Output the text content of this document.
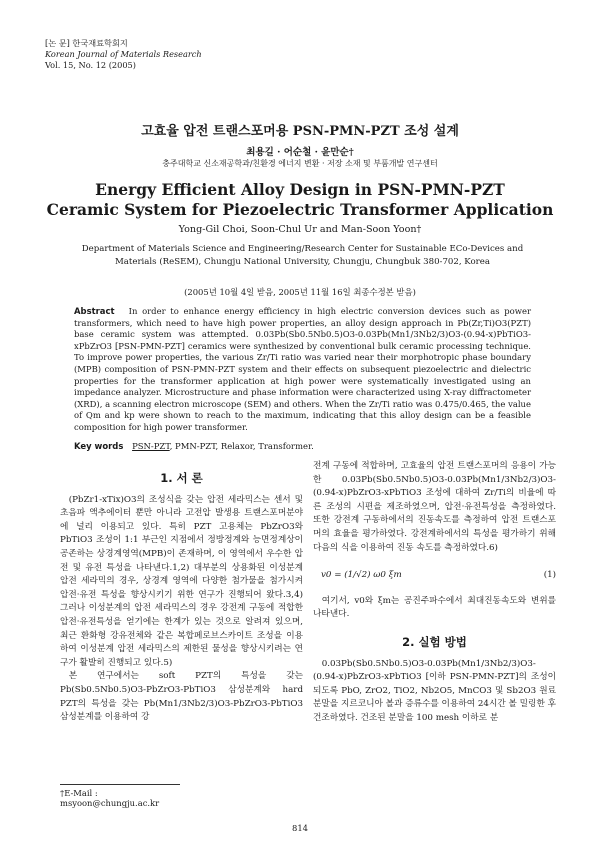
[논 문] 한국재료학회지
Korean Journal of Materials Research
Vol. 15, No. 12 (2005)
고효율 압전 트랜스포머용 PSN-PMN-PZT 조성 설계
최용길 · 어순철 · 윤만순†
충주대학교 신소재공학과/친환경 에너지 변환 · 저장 소재 및 부품개발 연구센터
Energy Efficient Alloy Design in PSN-PMN-PZT
Ceramic System for Piezoelectric Transformer Application
Yong-Gil Choi, Soon-Chul Ur and Man-Soon Yoon†
Department of Materials Science and Engineering/Research Center for Sustainable ECo-Devices and Materials (ReSEM), Chungju National University, Chungju, Chungbuk 380-702, Korea
(2005년 10월 4일 받음, 2005년 11월 16일 최종수정본 받음)
Abstract In order to enhance energy efficiency in high electric conversion devices such as power transformers, which need to have high power properties, an alloy design approach in Pb(Zr,Ti)O3(PZT) base ceramic system was attempted. 0.03Pb(Sb0.5Nb0.5)O3-0.03Pb(Mn1/3Nb2/3)O3-(0.94-x)PbTiO3-xPbZrO3 [PSN-PMN-PZT] ceramics were synthesized by conventional bulk ceramic processing technique. To improve power properties, the various Zr/Ti ratio was varied near their morphotropic phase boundary (MPB) composition of PSN-PMN-PZT system and their effects on subsequent piezoelectric and dielectric properties for the transformer application at high power were systematically investigated using an impedance analyzer. Microstructure and phase information were characterized using X-ray diffractometer (XRD), a scanning electron microscope (SEM) and others. When the Zr/Ti ratio was 0.475/0.465, the value of Qm and kp were shown to reach to the maximum, indicating that this alloy design can be a feasible composition for high power transformer.
Key words PSN-PZT, PMN-PZT, Relaxor, Transformer.
1. 서 론

(PbZr1-xTix)O3의 조성식을 갖는 압전 세라믹스는 센서 및 초음파 액추에이터 뿐만 아니라 고전압 발생용 트랜스포머분야에 널리 이용되고 있다. 특히 PZT 고용체는 PbZrO3와 PbTiO3 조성이 1:1 부근인 지점에서 정방정계와 능면정계상이 공존하는 상경계영역(MPB)이 존재하며, 이 영역에서 우수한 압전 및 유전 특성을 나타낸다.1,2) 대부분의 상용화된 이성분계 압전 세라믹의 경우, 상경계 영역에 다양한 첨가물을 첨가시켜 압전·유전 특성을 향상시키기 위한 연구가 진행되어 왔다.3,4) 그러나 이성분계의 압전 세라믹스의 경우 강전계 구동에 적합한 압전·유전특성을 얻기에는 한계가 있는 것으로 알려져 있으며, 최근 환화형 강유전체와 같은 복합페로브스카이트 조성을 이용하여 이성분계 압전 세라믹스의 제한된 물성을 향상시키려는 연구가 활발히 진행되고 있다.5)

본 연구에서는 soft PZT의 특성을 갖는 Pb(Sb0.5Nb0.5)O3-PbZrO3-PbTiO3 삼성분계와 hard PZT의 특성을 갖는 Pb(Mn1/3Nb2/3)O3-PbZrO3-PbTiO3 삼성분계를 이용하여 강

전계 구동에 적합하며, 고효율의 압전 트랜스포머의 응용이 가능한 0.03Pb(Sb0.5Nb0.5)O3-0.03Pb(Mn1/3Nb2/3)O3-(0.94-x)PbZrO3-xPbTiO3 조성에 대하여 Zr/Ti의 비율에 따른 조성의 시편을 제조하였으며, 압전·유전특성을 측정하였다. 또한 강전계 구동하에서의 진동속도를 측정하여 압전 트랜스포머의 효율을 평가하였다. 강전계하에서의 특성을 평가하기 위해 다음의 식을 이용하여 진동 속도를 측정하였다.6)

v0 = (1/√2) ω0 ξm	(1)

여기서, v0와 ξm는 공진주파수에서 최대진동속도와 변위를 나타낸다.

2. 실험 방법

0.03Pb(Sb0.5Nb0.5)O3-0.03Pb(Mn1/3Nb2/3)O3-(0.94-x)PbZrO3-xPbTiO3 [이하 PSN-PMN-PZT]의 조성이 되도록 PbO, ZrO2, TiO2, Nb2O5, MnCO3 및 Sb2O3 원료분말을 지르코니아 볼과 증류수를 이용하여 24시간 볼 밀링한 후 건조하였다. 건조된 분말을 100 mesh 이하로 분

†E-Mail : msyoon@chungju.ac.kr
814
